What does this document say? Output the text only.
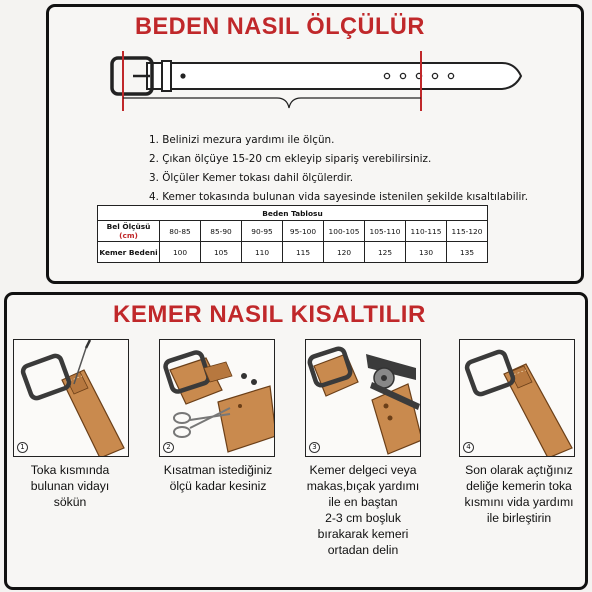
BEDEN NASIL ÖLÇÜLÜR
1. Belinizi mezura yardımı ile ölçün.
2. Çıkan ölçüye 15-20 cm ekleyip sipariş verebilirsiniz.
3. Ölçüler Kemer tokası dahil ölçülerdir.
4. Kemer tokasında bulunan vida sayesinde istenilen şekilde kısaltılabilir.
Beden Tablosu								
Bel Ölçüsü
(cm)	80-85	85-90	90-95	95-100	100-105	105-110	110-115	115-120
Kemer Bedeni	100	105	110	115	120	125	130	135
KEMER NASIL KISALTILIR
1	2	3	4
Toka kısmında
bulunan vidayı
sökün
Kısatman istediğiniz
ölçü kadar kesiniz
Kemer delgeci veya
makas,bıçak yardımı
ile en baştan
2-3 cm boşluk
bırakarak kemeri
ortadan delin
Son olarak açtığınız
deliğe kemerin toka
kısmını vida yardımı
ile birleştirin
